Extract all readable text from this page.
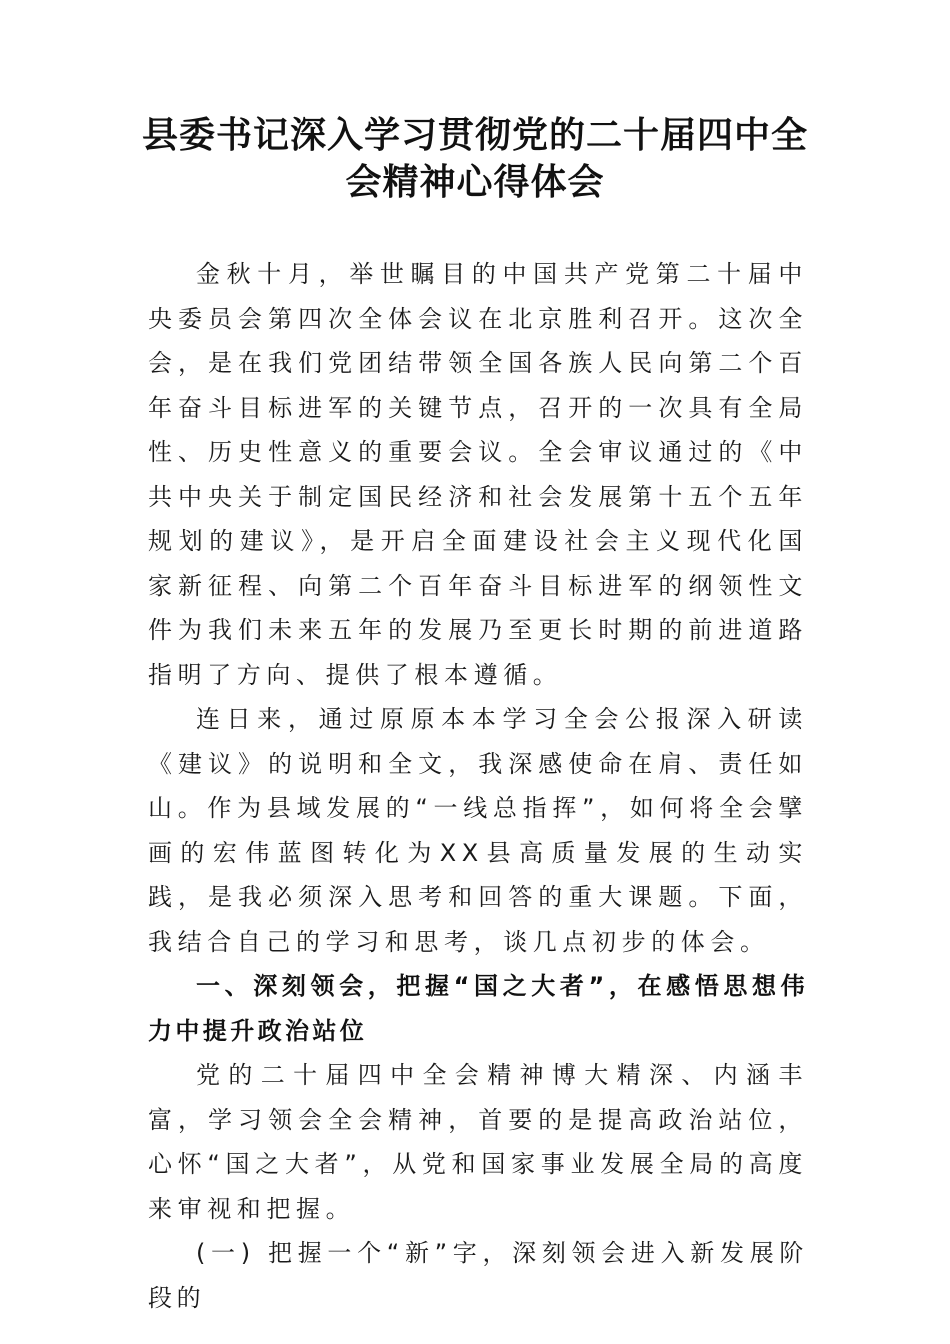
县委书记深入学习贯彻党的二十届四中全
会精神心得体会

金秋十月，举世瞩目的中国共产党第二十届中央委员会第四次全体会议在北京胜利召开。这次全会，是在我们党团结带领全国各族人民向第二个百年奋斗目标进军的关键节点，召开的一次具有全局性、历史性意义的重要会议。全会审议通过的《中共中央关于制定国民经济和社会发展第十五个五年规划的建议》，是开启全面建设社会主义现代化国家新征程、向第二个百年奋斗目标进军的纲领性文件为我们未来五年的发展乃至更长时期的前进道路指明了方向、提供了根本遵循。

连日来，通过原原本本学习全会公报深入研读《建议》的说明和全文，我深感使命在肩、责任如山。作为县域发展的“一线总指挥”，如何将全会擘画的宏伟蓝图转化为XX县高质量发展的生动实践，是我必须深入思考和回答的重大课题。下面，我结合自己的学习和思考，谈几点初步的体会。

一、深刻领会，把握“国之大者”，在感悟思想伟力中提升政治站位

党的二十届四中全会精神博大精深、内涵丰富，学习领会全会精神，首要的是提高政治站位，心怀“国之大者”，从党和国家事业发展全局的高度来审视和把握。

(一) 把握一个“新”字，深刻领会进入新发展阶段的
